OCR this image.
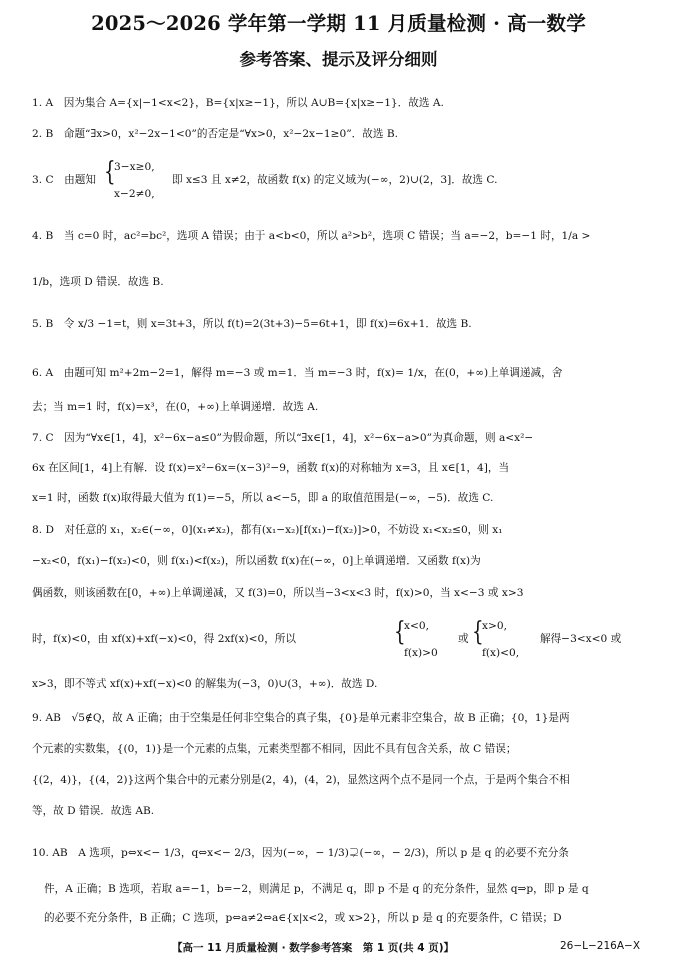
2025～2026 学年第一学期 11 月质量检测 · 高一数学
参考答案、提示及评分细则
1. A　因为集合 A={x|−1<x<2}，B={x|x≥−1}，所以 A∪B={x|x≥−1}．故选 A.
2. B　命题“∃x>0，x²−2x−1<0”的否定是“∀x>0，x²−2x−1≥0”．故选 B.
3. C　由题知 {
3−x≥0,
x−2≠0,
即 x≤3 且 x≠2，故函数 f(x) 的定义域为(−∞，2)∪(2，3]．故选 C.
4. B　当 c=0 时，ac²=bc²，选项 A 错误；由于 a<b<0，所以 a²>b²，选项 C 错误；当 a=−2，b=−1 时，1/a >
1/b，选项 D 错误．故选 B.
5. B　令 x/3 −1=t，则 x=3t+3，所以 f(t)=2(3t+3)−5=6t+1，即 f(x)=6x+1．故选 B.
6. A　由题可知 m²+2m−2=1，解得 m=−3 或 m=1．当 m=−3 时，f(x)= 1/x，在(0，+∞)上单调递减，舍
去；当 m=1 时，f(x)=x³，在(0，+∞)上单调递增．故选 A.
7. C　因为“∀x∈[1，4]，x²−6x−a≤0”为假命题，所以“∃x∈[1，4]，x²−6x−a>0”为真命题，则 a<x²−
6x 在区间[1，4]上有解．设 f(x)=x²−6x=(x−3)²−9，函数 f(x)的对称轴为 x=3，且 x∈[1，4]，当
x=1 时，函数 f(x)取得最大值为 f(1)=−5，所以 a<−5，即 a 的取值范围是(−∞，−5)．故选 C.
8. D　对任意的 x₁，x₂∈(−∞，0](x₁≠x₂)，都有(x₁−x₂)[f(x₁)−f(x₂)]>0，不妨设 x₁<x₂≤0，则 x₁
−x₂<0，f(x₁)−f(x₂)<0，则 f(x₁)<f(x₂)，所以函数 f(x)在(−∞，0]上单调递增．又函数 f(x)为
偶函数，则该函数在[0，+∞)上单调递减，又 f(3)=0，所以当−3<x<3 时，f(x)>0，当 x<−3 或 x>3
时，f(x)<0，由 xf(x)+xf(−x)<0，得 2xf(x)<0，所以	{
x<0,
f(x)>0
或 {
x>0,
f(x)<0,
解得−3<x<0 或
x>3，即不等式 xf(x)+xf(−x)<0 的解集为(−3，0)∪(3，+∞)．故选 D.
9. AB　√5∉Q，故 A 正确；由于空集是任何非空集合的真子集，{0}是单元素非空集合，故 B 正确；{0，1}是两
个元素的实数集，{(0，1)}是一个元素的点集，元素类型都不相同，因此不具有包含关系，故 C 错误；
{(2，4)}，{(4，2)}这两个集合中的元素分别是(2，4)，(4，2)，显然这两个点不是同一个点，于是两个集合不相
等，故 D 错误．故选 AB.
10. AB　A 选项，p⇔x<− 1/3，q⇔x<− 2/3，因为(−∞，− 1/3)⊋(−∞，− 2/3)，所以 p 是 q 的必要不充分条
件，A 正确；B 选项，若取 a=−1，b=−2，则满足 p，不满足 q，即 p 不是 q 的充分条件，显然 q⇒p，即 p 是 q
的必要不充分条件，B 正确；C 选项，p⇔a≠2⇔a∈{x|x<2，或 x>2}，所以 p 是 q 的充要条件，C 错误；D
【高一 11 月质量检测 · 数学参考答案　第 1 页(共 4 页)】	26−L−216A−X
